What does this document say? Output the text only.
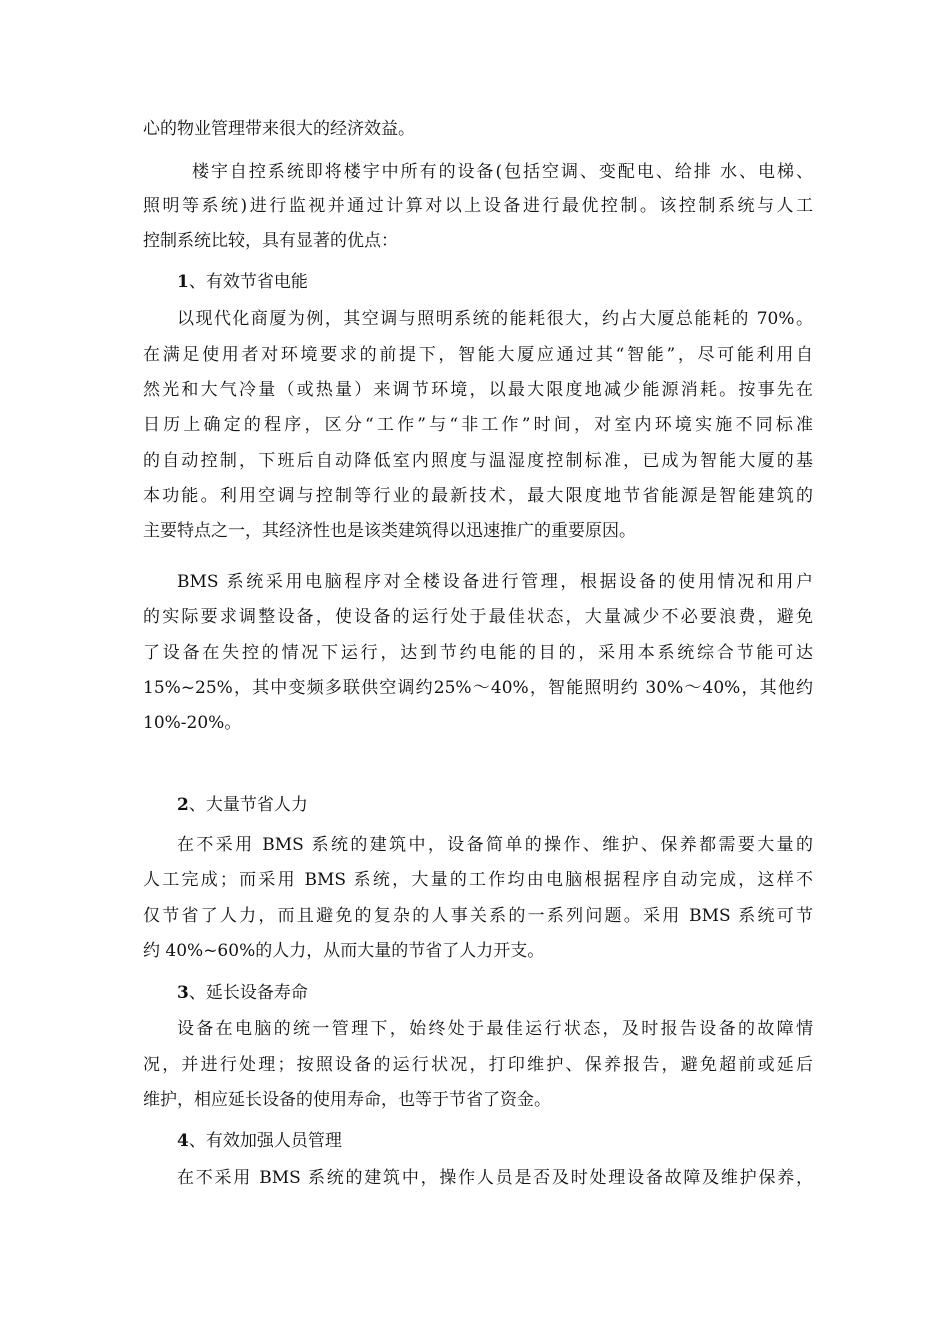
心的物业管理带来很大的经济效益。
楼宇自控系统即将楼宇中所有的设备(包括空调、变配电、给排 水、电梯、
照明等系统)进行监视并通过计算对以上设备进行最优控制。该控制系统与人工
控制系统比较，具有显著的优点：
1、有效节省电能
以现代化商厦为例，其空调与照明系统的能耗很大，约占大厦总能耗的 70%。
在满足使用者对环境要求的前提下，智能大厦应通过其“智能”，尽可能利用自
然光和大气冷量（或热量）来调节环境，以最大限度地减少能源消耗。按事先在
日历上确定的程序，区分“工作”与“非工作”时间，对室内环境实施不同标准
的自动控制，下班后自动降低室内照度与温湿度控制标准，已成为智能大厦的基
本功能。利用空调与控制等行业的最新技术，最大限度地节省能源是智能建筑的
主要特点之一，其经济性也是该类建筑得以迅速推广的重要原因。
BMS 系统采用电脑程序对全楼设备进行管理，根据设备的使用情况和用户
的实际要求调整设备，使设备的运行处于最佳状态，大量减少不必要浪费，避免
了设备在失控的情况下运行，达到节约电能的目的，采用本系统综合节能可达
15%~25%，其中变频多联供空调约25%～40%，智能照明约 30%～40%，其他约
10%-20%。
2、大量节省人力
在不采用 BMS 系统的建筑中，设备简单的操作、维护、保养都需要大量的
人工完成；而采用 BMS 系统，大量的工作均由电脑根据程序自动完成，这样不
仅节省了人力，而且避免的复杂的人事关系的一系列问题。采用 BMS 系统可节
约 40%~60%的人力，从而大量的节省了人力开支。
3、延长设备寿命
设备在电脑的统一管理下，始终处于最佳运行状态，及时报告设备的故障情
况，并进行处理；按照设备的运行状况，打印维护、保养报告，避免超前或延后
维护，相应延长设备的使用寿命，也等于节省了资金。
4、有效加强人员管理
在不采用 BMS 系统的建筑中，操作人员是否及时处理设备故障及维护保养，
